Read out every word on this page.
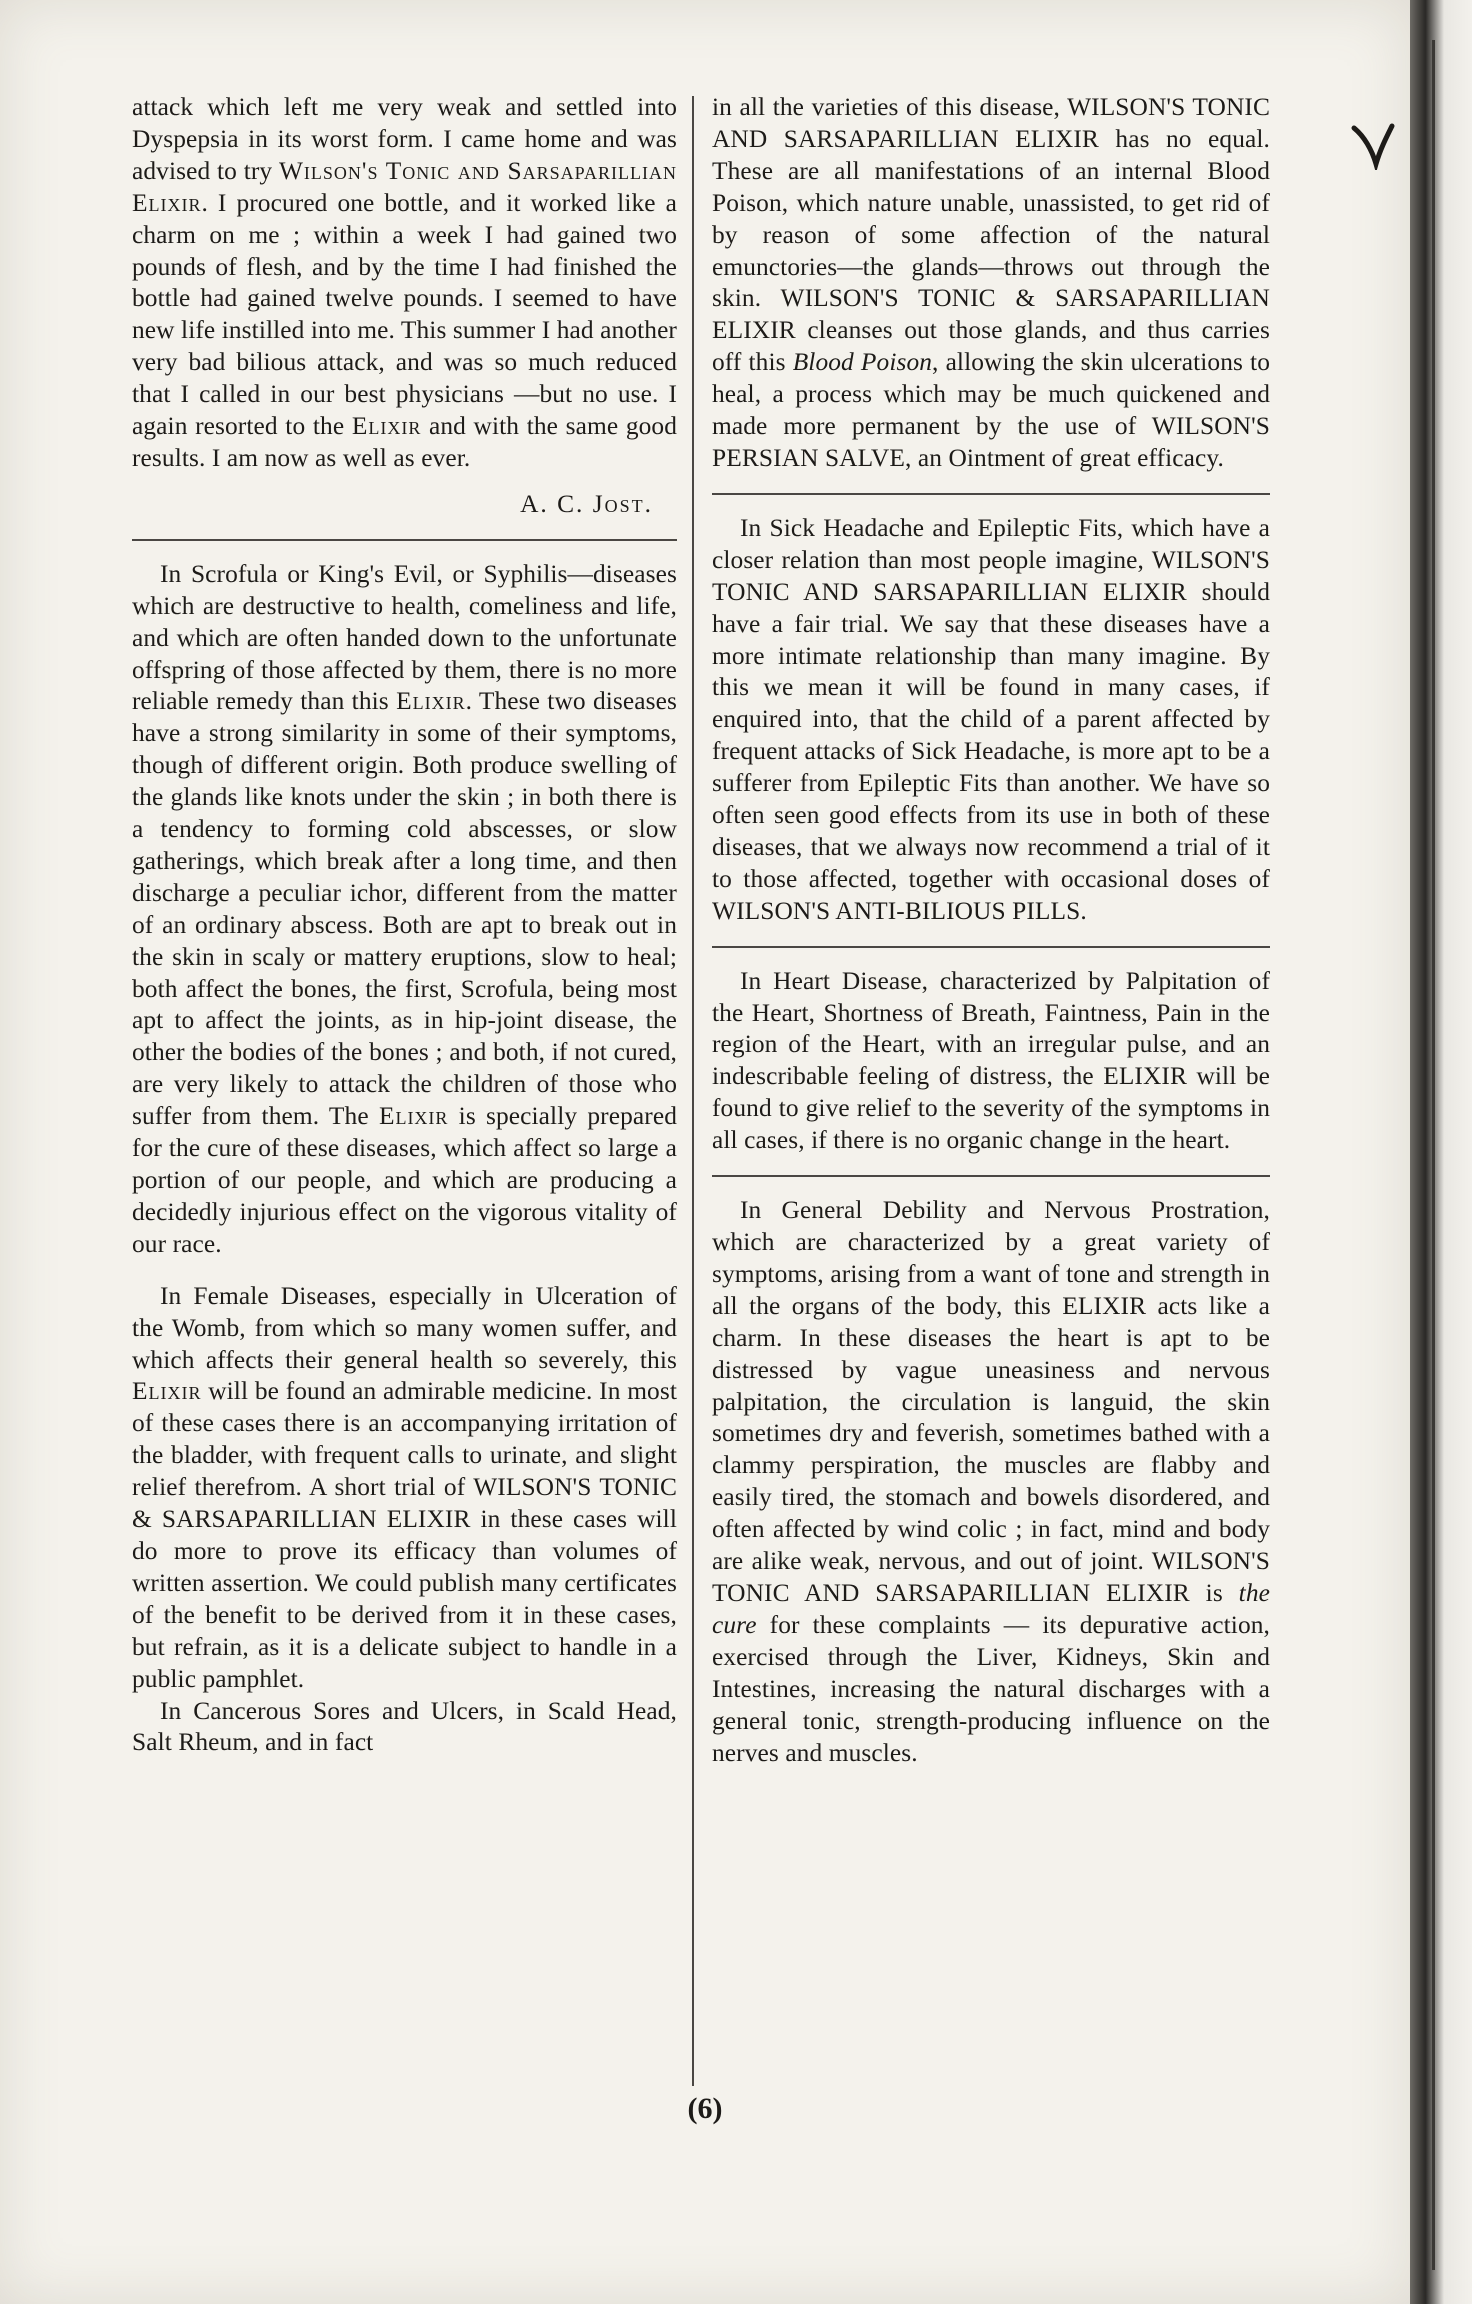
attack which left me very weak and settled into Dyspepsia in its worst form. I came home and was advised to try Wilson's Tonic and Sarsaparillian Elixir. I procured one bottle, and it worked like a charm on me ; within a week I had gained two pounds of flesh, and by the time I had finished the bottle had gained twelve pounds. I seemed to have new life instilled into me. This summer I had another very bad bilious attack, and was so much reduced that I called in our best physicians —but no use. I again resorted to the Elixir and with the same good results. I am now as well as ever.

A. C. Jost.

In Scrofula or King's Evil, or Syphilis—diseases which are destructive to health, comeliness and life, and which are often handed down to the unfortunate offspring of those affected by them, there is no more reliable remedy than this Elixir. These two diseases have a strong similarity in some of their symptoms, though of different origin. Both produce swelling of the glands like knots under the skin ; in both there is a tendency to forming cold abscesses, or slow gatherings, which break after a long time, and then discharge a peculiar ichor, different from the matter of an ordinary abscess. Both are apt to break out in the skin in scaly or mattery eruptions, slow to heal; both affect the bones, the first, Scrofula, being most apt to affect the joints, as in hip-joint disease, the other the bodies of the bones ; and both, if not cured, are very likely to attack the children of those who suffer from them. The Elixir is specially prepared for the cure of these diseases, which affect so large a portion of our people, and which are producing a decidedly injurious effect on the vigorous vitality of our race.

In Female Diseases, especially in Ulceration of the Womb, from which so many women suffer, and which affects their general health so severely, this Elixir will be found an admirable medicine. In most of these cases there is an accompanying irritation of the bladder, with frequent calls to urinate, and slight relief therefrom. A short trial of WILSON'S TONIC & SARSAPARILLIAN ELIXIR in these cases will do more to prove its efficacy than volumes of written assertion. We could publish many certificates of the benefit to be derived from it in these cases, but refrain, as it is a delicate subject to handle in a public pamphlet.

In Cancerous Sores and Ulcers, in Scald Head, Salt Rheum, and in fact

in all the varieties of this disease, WILSON'S TONIC AND SARSAPARILLIAN ELIXIR has no equal. These are all manifestations of an internal Blood Poison, which nature unable, unassisted, to get rid of by reason of some affection of the natural emunctories—the glands—throws out through the skin. WILSON'S TONIC & SARSAPARILLIAN ELIXIR cleanses out those glands, and thus carries off this Blood Poison, allowing the skin ulcerations to heal, a process which may be much quickened and made more permanent by the use of WILSON'S PERSIAN SALVE, an Ointment of great efficacy.

In Sick Headache and Epileptic Fits, which have a closer relation than most people imagine, WILSON'S TONIC AND SARSAPARILLIAN ELIXIR should have a fair trial. We say that these diseases have a more intimate relationship than many imagine. By this we mean it will be found in many cases, if enquired into, that the child of a parent affected by frequent attacks of Sick Headache, is more apt to be a sufferer from Epileptic Fits than another. We have so often seen good effects from its use in both of these diseases, that we always now recommend a trial of it to those affected, together with occasional doses of WILSON'S ANTI-BILIOUS PILLS.

In Heart Disease, characterized by Palpitation of the Heart, Shortness of Breath, Faintness, Pain in the region of the Heart, with an irregular pulse, and an indescribable feeling of distress, the ELIXIR will be found to give relief to the severity of the symptoms in all cases, if there is no organic change in the heart.

In General Debility and Nervous Prostration, which are characterized by a great variety of symptoms, arising from a want of tone and strength in all the organs of the body, this ELIXIR acts like a charm. In these diseases the heart is apt to be distressed by vague uneasiness and nervous palpitation, the circulation is languid, the skin sometimes dry and feverish, sometimes bathed with a clammy perspiration, the muscles are flabby and easily tired, the stomach and bowels disordered, and often affected by wind colic ; in fact, mind and body are alike weak, nervous, and out of joint. WILSON'S TONIC AND SARSAPARILLIAN ELIXIR is the cure for these complaints — its depurative action, exercised through the Liver, Kidneys, Skin and Intestines, increasing the natural discharges with a general tonic, strength-producing influence on the nerves and muscles.

(6)
